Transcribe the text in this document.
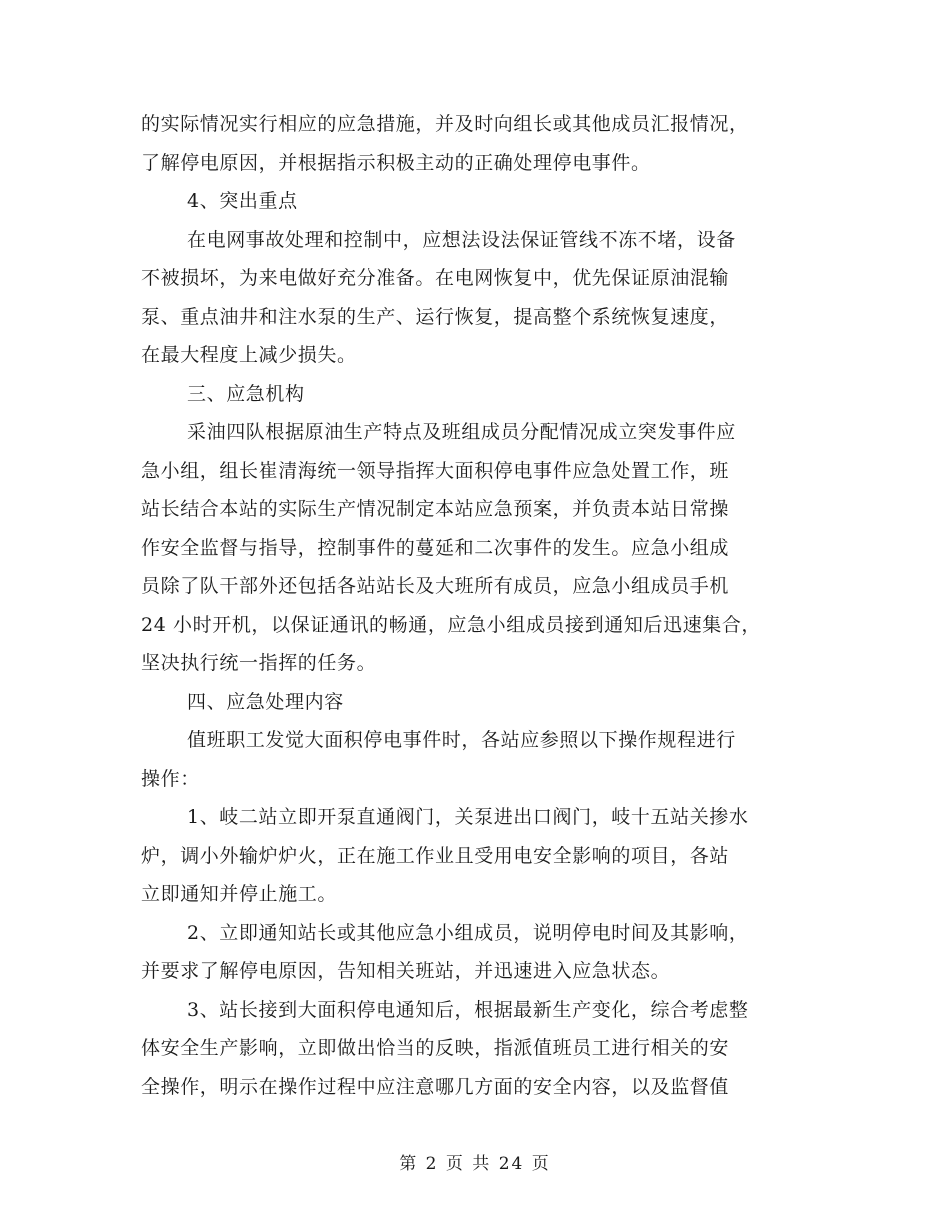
的实际情况实行相应的应急措施，并及时向组长或其他成员汇报情况，
了解停电原因，并根据指示积极主动的正确处理停电事件。
4、突出重点
在电网事故处理和控制中，应想法设法保证管线不冻不堵，设备
不被损坏，为来电做好充分准备。在电网恢复中，优先保证原油混输
泵、重点油井和注水泵的生产、运行恢复，提高整个系统恢复速度，
在最大程度上减少损失。
三、应急机构
采油四队根据原油生产特点及班组成员分配情况成立突发事件应
急小组，组长崔清海统一领导指挥大面积停电事件应急处置工作，班
站长结合本站的实际生产情况制定本站应急预案，并负责本站日常操
作安全监督与指导，控制事件的蔓延和二次事件的发生。应急小组成
员除了队干部外还包括各站站长及大班所有成员，应急小组成员手机
24 小时开机，以保证通讯的畅通，应急小组成员接到通知后迅速集合，
坚决执行统一指挥的任务。
四、应急处理内容
值班职工发觉大面积停电事件时，各站应参照以下操作规程进行
操作：
1、岐二站立即开泵直通阀门，关泵进出口阀门，岐十五站关掺水
炉，调小外输炉炉火，正在施工作业且受用电安全影响的项目，各站
立即通知并停止施工。
2、立即通知站长或其他应急小组成员，说明停电时间及其影响，
并要求了解停电原因，告知相关班站，并迅速进入应急状态。
3、站长接到大面积停电通知后，根据最新生产变化，综合考虑整
体安全生产影响，立即做出恰当的反映，指派值班员工进行相关的安
全操作，明示在操作过程中应注意哪几方面的安全内容，以及监督值
第 2 页 共 24 页
